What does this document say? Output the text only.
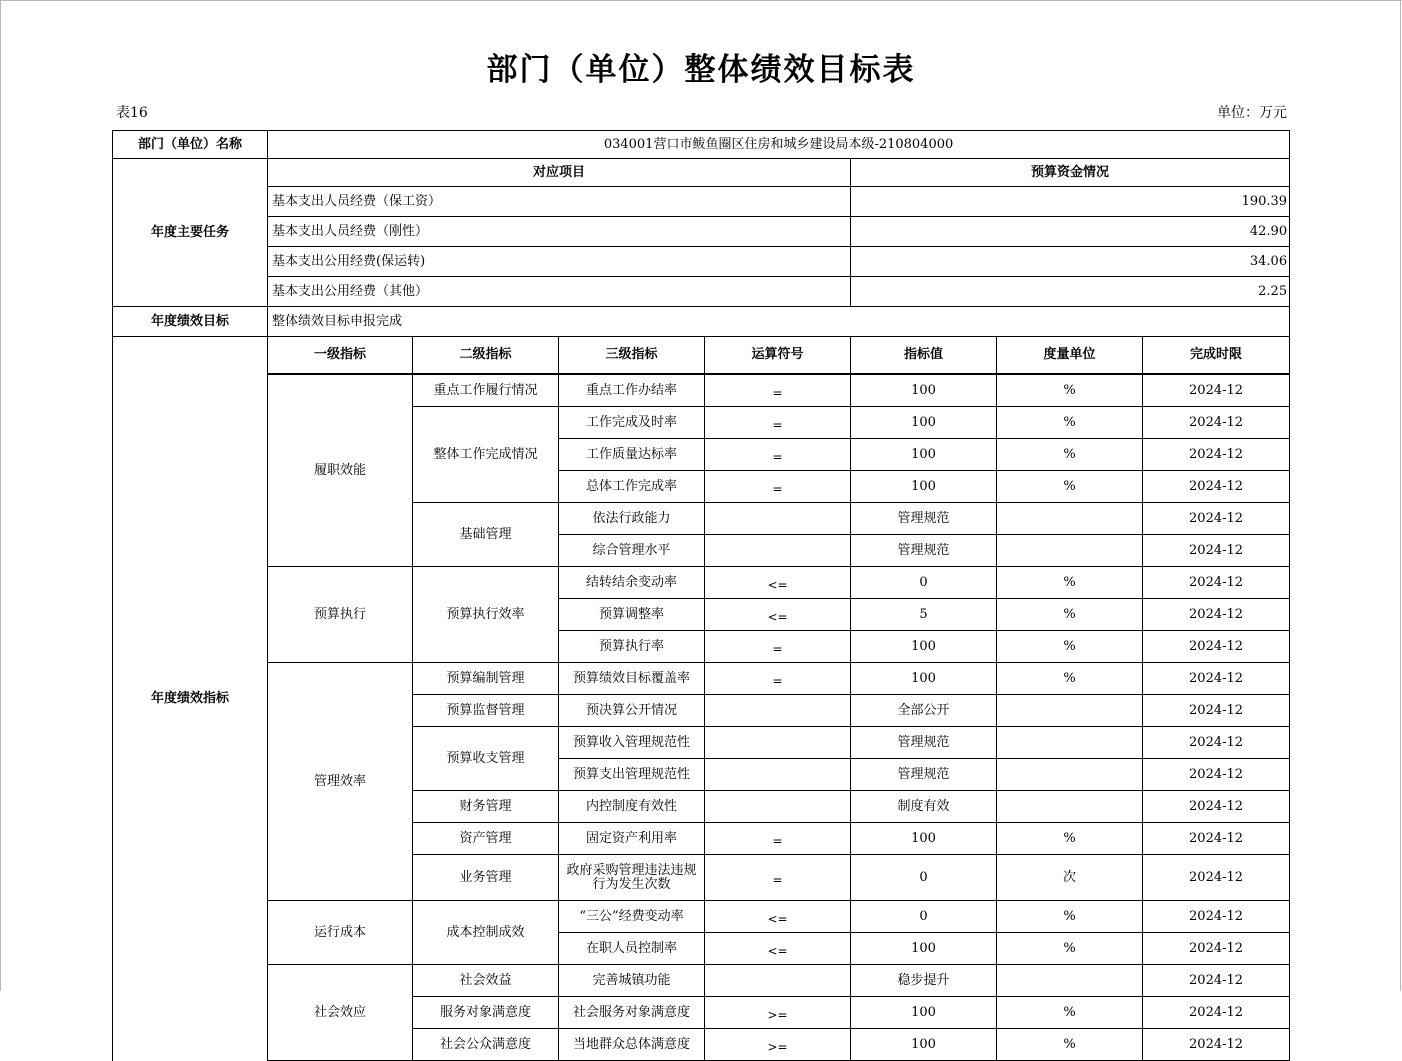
部门（单位）整体绩效目标表
表16	单位：万元
部门（单位）名称	034001营口市鲅鱼圈区住房和城乡建设局本级-210804000						
年度主要任务	对应项目				预算资金情况		
	基本支出人员经费（保工资）				190.39		
	基本支出人员经费（刚性）				42.90		
	基本支出公用经费(保运转)				34.06		
	基本支出公用经费（其他）				2.25		
年度绩效目标	整体绩效目标申报完成						
年度绩效指标	一级指标	二级指标	三级指标	运算符号	指标值	度量单位	完成时限
	履职效能	重点工作履行情况	重点工作办结率	=	100	%	2024-12
		整体工作完成情况	工作完成及时率	=	100	%	2024-12
			工作质量达标率	=	100	%	2024-12
			总体工作完成率	=	100	%	2024-12
		基础管理	依法行政能力		管理规范		2024-12
			综合管理水平		管理规范		2024-12
	预算执行	预算执行效率	结转结余变动率	<=	0	%	2024-12
			预算调整率	<=	5	%	2024-12
			预算执行率	=	100	%	2024-12
	管理效率	预算编制管理	预算绩效目标覆盖率	=	100	%	2024-12
		预算监督管理	预决算公开情况		全部公开		2024-12
		预算收支管理	预算收入管理规范性		管理规范		2024-12
			预算支出管理规范性		管理规范		2024-12
		财务管理	内控制度有效性		制度有效		2024-12
		资产管理	固定资产利用率	=	100	%	2024-12
		业务管理	政府采购管理违法违规行为发生次数	=	0	次	2024-12
	运行成本	成本控制成效	“三公”经费变动率	<=	0	%	2024-12
			在职人员控制率	<=	100	%	2024-12
	社会效应	社会效益	完善城镇功能		稳步提升		2024-12
		服务对象满意度	社会服务对象满意度	>=	100	%	2024-12
		社会公众满意度	当地群众总体满意度	>=	100	%	2024-12
